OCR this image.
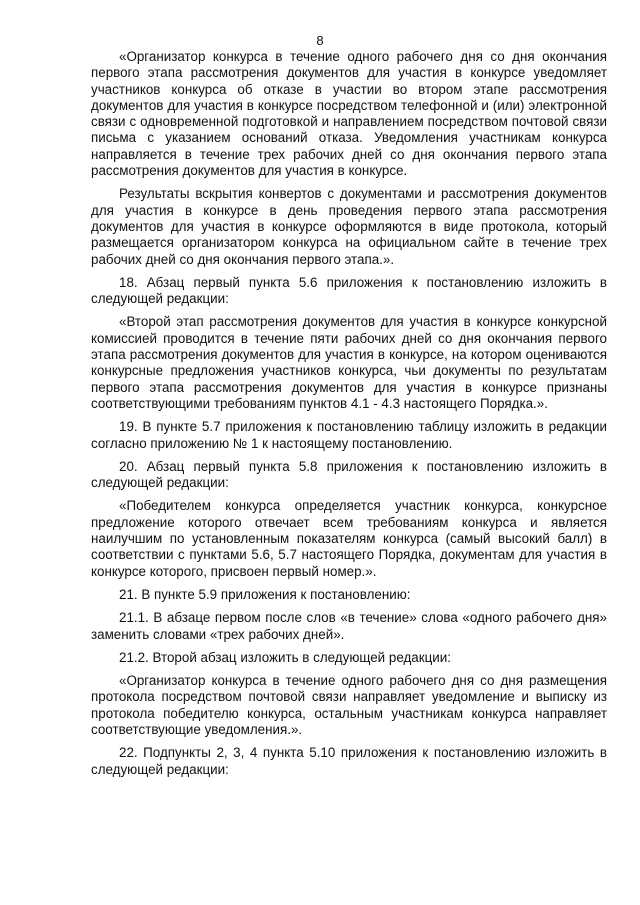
8

«Организатор конкурса в течение одного рабочего дня со дня окончания первого этапа рассмотрения документов для участия в конкурсе уведомляет участников конкурса об отказе в участии во втором этапе рассмотрения документов для участия в конкурсе посредством телефонной и (или) электронной связи с одновременной подготовкой и направлением посредством почтовой связи письма с указанием оснований отказа. Уведомления участникам конкурса направляется в течение трех рабочих дней со дня окончания первого этапа рассмотрения документов для участия в конкурсе.

Результаты вскрытия конвертов с документами и рассмотрения документов для участия в конкурсе в день проведения первого этапа рассмотрения документов для участия в конкурсе оформляются в виде протокола, который размещается организатором конкурса на официальном сайте в течение трех рабочих дней со дня окончания первого этапа.».

18. Абзац первый пункта 5.6 приложения к постановлению изложить в следующей редакции:

«Второй этап рассмотрения документов для участия в конкурсе конкурсной комиссией проводится в течение пяти рабочих дней со дня окончания первого этапа рассмотрения документов для участия в конкурсе, на котором оцениваются конкурсные предложения участников конкурса, чьи документы по результатам первого этапа рассмотрения документов для участия в конкурсе признаны соответствующими требованиям пунктов 4.1 - 4.3 настоящего Порядка.».

19. В пункте 5.7 приложения к постановлению таблицу изложить в редакции согласно приложению № 1 к настоящему постановлению.

20. Абзац первый пункта 5.8 приложения к постановлению изложить в следующей редакции:

«Победителем конкурса определяется участник конкурса, конкурсное предложение которого отвечает всем требованиям конкурса и является наилучшим по установленным показателям конкурса (самый высокий балл) в соответствии с пунктами 5.6, 5.7 настоящего Порядка, документам для участия в конкурсе которого, присвоен первый номер.».

21. В пункте 5.9 приложения к постановлению:

21.1. В абзаце первом после слов «в течение» слова «одного рабочего дня» заменить словами «трех рабочих дней».

21.2. Второй абзац изложить в следующей редакции:

«Организатор конкурса в течение одного рабочего дня со дня размещения протокола посредством почтовой связи направляет уведомление и выписку из протокола победителю конкурса, остальным участникам конкурса направляет соответствующие уведомления.».

22. Подпункты 2, 3, 4 пункта 5.10 приложения к постановлению изложить в следующей редакции:
